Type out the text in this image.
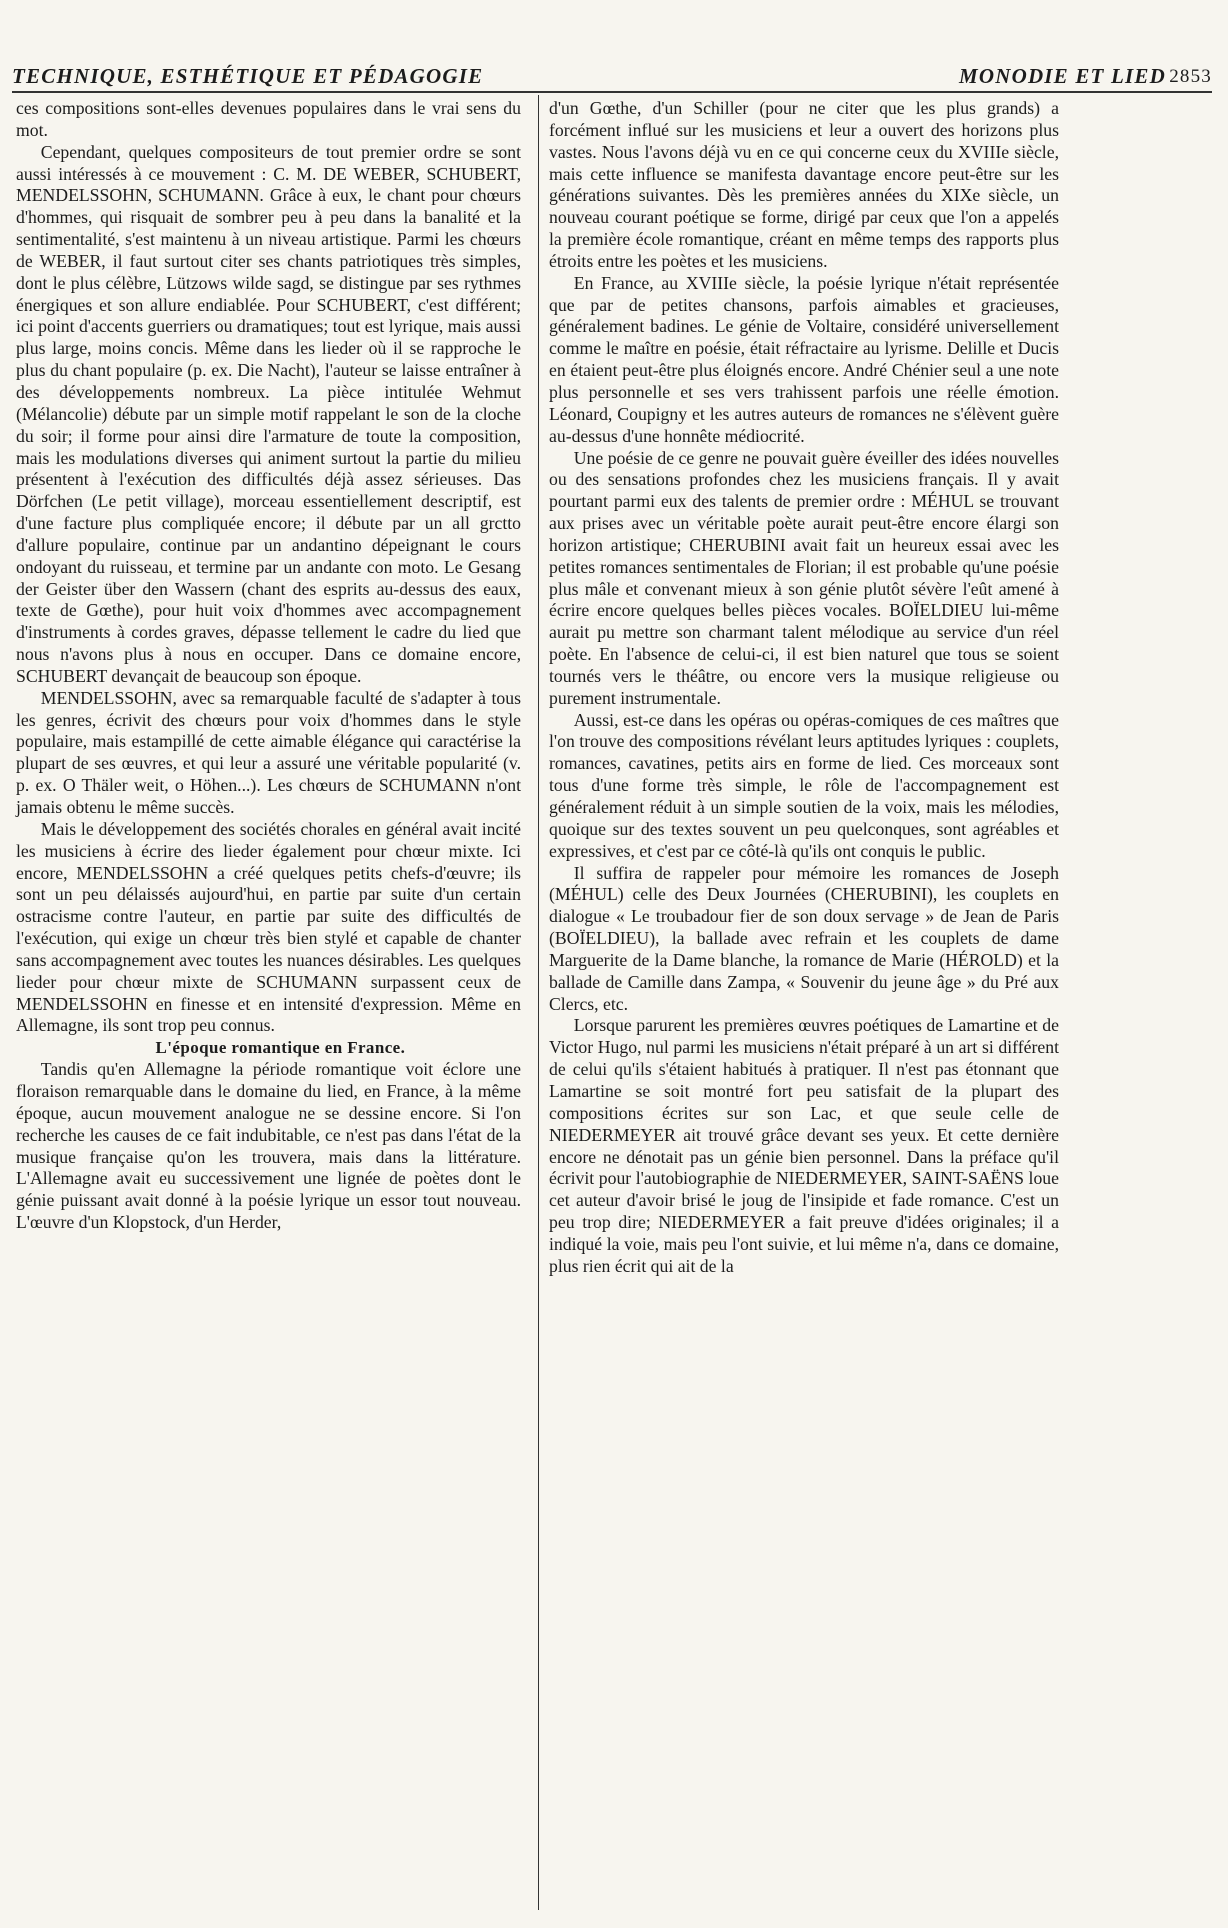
TECHNIQUE, ESTHÉTIQUE ET PÉDAGOGIE	MONODIE ET LIED 2853

ces compositions sont-elles devenues populaires dans le vrai sens du mot.

Cependant, quelques compositeurs de tout premier ordre se sont aussi intéressés à ce mouvement : C. M. DE WEBER, SCHUBERT, MENDELSSOHN, SCHUMANN. Grâce à eux, le chant pour chœurs d'hommes, qui risquait de sombrer peu à peu dans la banalité et la sentimentalité, s'est maintenu à un niveau artistique. Parmi les chœurs de WEBER, il faut surtout citer ses chants patriotiques très simples, dont le plus célèbre, Lützows wilde sagd, se distingue par ses rythmes énergiques et son allure endiablée. Pour SCHUBERT, c'est différent; ici point d'accents guerriers ou dramatiques; tout est lyrique, mais aussi plus large, moins concis. Même dans les lieder où il se rapproche le plus du chant populaire (p. ex. Die Nacht), l'auteur se laisse entraîner à des développements nombreux. La pièce intitulée Wehmut (Mélancolie) débute par un simple motif rappelant le son de la cloche du soir; il forme pour ainsi dire l'armature de toute la composition, mais les modulations diverses qui animent surtout la partie du milieu présentent à l'exécution des difficultés déjà assez sérieuses. Das Dörfchen (Le petit village), morceau essentiellement descriptif, est d'une facture plus compliquée encore; il débute par un all grctto d'allure populaire, continue par un andantino dépeignant le cours ondoyant du ruisseau, et termine par un andante con moto. Le Gesang der Geister über den Wassern (chant des esprits au-dessus des eaux, texte de Gœthe), pour huit voix d'hommes avec accompagnement d'instruments à cordes graves, dépasse tellement le cadre du lied que nous n'avons plus à nous en occuper. Dans ce domaine encore, SCHUBERT devançait de beaucoup son époque.

MENDELSSOHN, avec sa remarquable faculté de s'adapter à tous les genres, écrivit des chœurs pour voix d'hommes dans le style populaire, mais estampillé de cette aimable élégance qui caractérise la plupart de ses œuvres, et qui leur a assuré une véritable popularité (v. p. ex. O Thäler weit, o Höhen...). Les chœurs de SCHUMANN n'ont jamais obtenu le même succès.

Mais le développement des sociétés chorales en général avait incité les musiciens à écrire des lieder également pour chœur mixte. Ici encore, MENDELSSOHN a créé quelques petits chefs-d'œuvre; ils sont un peu délaissés aujourd'hui, en partie par suite d'un certain ostracisme contre l'auteur, en partie par suite des difficultés de l'exécution, qui exige un chœur très bien stylé et capable de chanter sans accompagnement avec toutes les nuances désirables. Les quelques lieder pour chœur mixte de SCHUMANN surpassent ceux de MENDELSSOHN en finesse et en intensité d'expression. Même en Allemagne, ils sont trop peu connus.

L'époque romantique en France.

Tandis qu'en Allemagne la période romantique voit éclore une floraison remarquable dans le domaine du lied, en France, à la même époque, aucun mouvement analogue ne se dessine encore. Si l'on recherche les causes de ce fait indubitable, ce n'est pas dans l'état de la musique française qu'on les trouvera, mais dans la littérature. L'Allemagne avait eu successivement une lignée de poètes dont le génie puissant avait donné à la poésie lyrique un essor tout nouveau. L'œuvre d'un Klopstock, d'un Herder,

d'un Gœthe, d'un Schiller (pour ne citer que les plus grands) a forcément influé sur les musiciens et leur a ouvert des horizons plus vastes. Nous l'avons déjà vu en ce qui concerne ceux du XVIIIe siècle, mais cette influence se manifesta davantage encore peut-être sur les générations suivantes. Dès les premières années du XIXe siècle, un nouveau courant poétique se forme, dirigé par ceux que l'on a appelés la première école romantique, créant en même temps des rapports plus étroits entre les poètes et les musiciens.

En France, au XVIIIe siècle, la poésie lyrique n'était représentée que par de petites chansons, parfois aimables et gracieuses, généralement badines. Le génie de Voltaire, considéré universellement comme le maître en poésie, était réfractaire au lyrisme. Delille et Ducis en étaient peut-être plus éloignés encore. André Chénier seul a une note plus personnelle et ses vers trahissent parfois une réelle émotion. Léonard, Coupigny et les autres auteurs de romances ne s'élèvent guère au-dessus d'une honnête médiocrité.

Une poésie de ce genre ne pouvait guère éveiller des idées nouvelles ou des sensations profondes chez les musiciens français. Il y avait pourtant parmi eux des talents de premier ordre : MÉHUL se trouvant aux prises avec un véritable poète aurait peut-être encore élargi son horizon artistique; CHERUBINI avait fait un heureux essai avec les petites romances sentimentales de Florian; il est probable qu'une poésie plus mâle et convenant mieux à son génie plutôt sévère l'eût amené à écrire encore quelques belles pièces vocales. BOÏELDIEU lui-même aurait pu mettre son charmant talent mélodique au service d'un réel poète. En l'absence de celui-ci, il est bien naturel que tous se soient tournés vers le théâtre, ou encore vers la musique religieuse ou purement instrumentale.

Aussi, est-ce dans les opéras ou opéras-comiques de ces maîtres que l'on trouve des compositions révélant leurs aptitudes lyriques : couplets, romances, cavatines, petits airs en forme de lied. Ces morceaux sont tous d'une forme très simple, le rôle de l'accompagnement est généralement réduit à un simple soutien de la voix, mais les mélodies, quoique sur des textes souvent un peu quelconques, sont agréables et expressives, et c'est par ce côté-là qu'ils ont conquis le public.

Il suffira de rappeler pour mémoire les romances de Joseph (MÉHUL) celle des Deux Journées (CHERUBINI), les couplets en dialogue « Le troubadour fier de son doux servage » de Jean de Paris (BOÏELDIEU), la ballade avec refrain et les couplets de dame Marguerite de la Dame blanche, la romance de Marie (HÉROLD) et la ballade de Camille dans Zampa, « Souvenir du jeune âge » du Pré aux Clercs, etc.

Lorsque parurent les premières œuvres poétiques de Lamartine et de Victor Hugo, nul parmi les musiciens n'était préparé à un art si différent de celui qu'ils s'étaient habitués à pratiquer. Il n'est pas étonnant que Lamartine se soit montré fort peu satisfait de la plupart des compositions écrites sur son Lac, et que seule celle de NIEDERMEYER ait trouvé grâce devant ses yeux. Et cette dernière encore ne dénotait pas un génie bien personnel. Dans la préface qu'il écrivit pour l'autobiographie de NIEDERMEYER, SAINT-SAËNS loue cet auteur d'avoir brisé le joug de l'insipide et fade romance. C'est un peu trop dire; NIEDERMEYER a fait preuve d'idées originales; il a indiqué la voie, mais peu l'ont suivie, et lui même n'a, dans ce domaine, plus rien écrit qui ait de la
